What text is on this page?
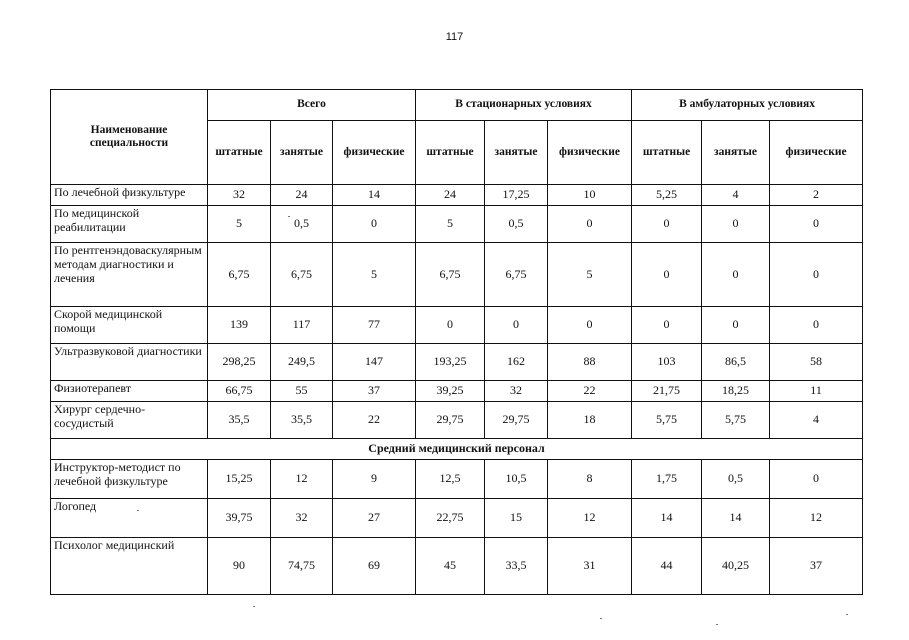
117
Наименование специальности	Всего			В стационарных условиях			В амбулаторных условиях		
	штатные	занятые	физические	штатные	занятые	физические	штатные	занятые	физические
По лечебной физкультуре	32	24	14	24	17,25	10	5,25	4	2
По медицинской реабилитации	5	0,5	0	5	0,5	0	0	0	0
По рентгенэндоваскулярным методам диагностики и лечения	6,75	6,75	5	6,75	6,75	5	0	0	0
Скорой медицинской помощи	139	117	77	0	0	0	0	0	0
Ультразвуковой диагностики	298,25	249,5	147	193,25	162	88	103	86,5	58
Физиотерапевт	66,75	55	37	39,25	32	22	21,75	18,25	11
Хирург сердечно-сосудистый	35,5	35,5	22	29,75	29,75	18	5,75	5,75	4
Средний медицинский персонал									
Инструктор-методист по лечебной физкультуре	15,25	12	9	12,5	10,5	8	1,75	0,5	0
Логопед	39,75	32	27	22,75	15	12	14	14	12
Психолог медицинский	90	74,75	69	45	33,5	31	44	40,25	37
